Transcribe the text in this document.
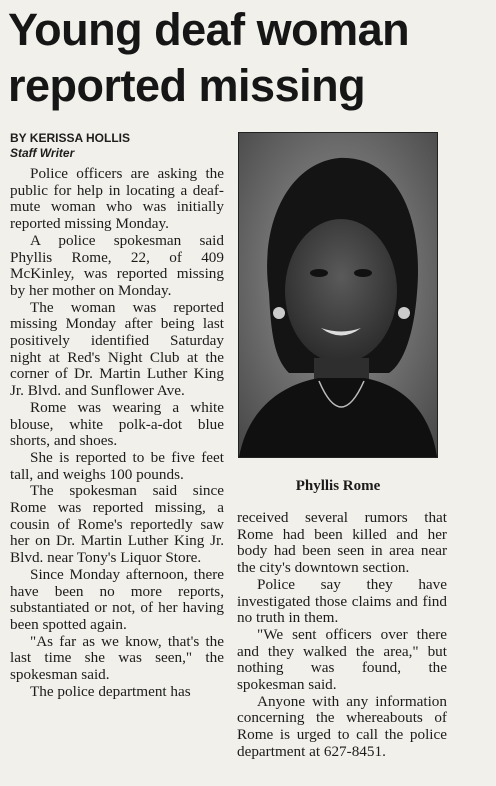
Young deaf woman reported missing
BY KERISSA HOLLIS
Staff Writer

Police officers are asking the public for help in locating a deaf-mute woman who was initially reported missing Monday.

A police spokesman said Phyllis Rome, 22, of 409 McKinley, was reported missing by her mother on Monday.

The woman was reported missing Monday after being last positively identified Saturday night at Red's Night Club at the corner of Dr. Martin Luther King Jr. Blvd. and Sunflower Ave.

Rome was wearing a white blouse, white polk-a-dot blue shorts, and shoes.

She is reported to be five feet tall, and weighs 100 pounds.

The spokesman said since Rome was reported missing, a cousin of Rome's reportedly saw her on Dr. Martin Luther King Jr. Blvd. near Tony's Liquor Store.

Since Monday afternoon, there have been no more reports, substantiated or not, of her having been spotted again.

"As far as we know, that's the last time she was seen," the spokesman said.

The police department has

Phyllis Rome

received several rumors that Rome had been killed and her body had been seen in area near the city's downtown section.

Police say they have investigated those claims and find no truth in them.

"We sent officers over there and they walked the area," but nothing was found, the spokesman said.

Anyone with any information concerning the whereabouts of Rome is urged to call the police department at 627-8451.
